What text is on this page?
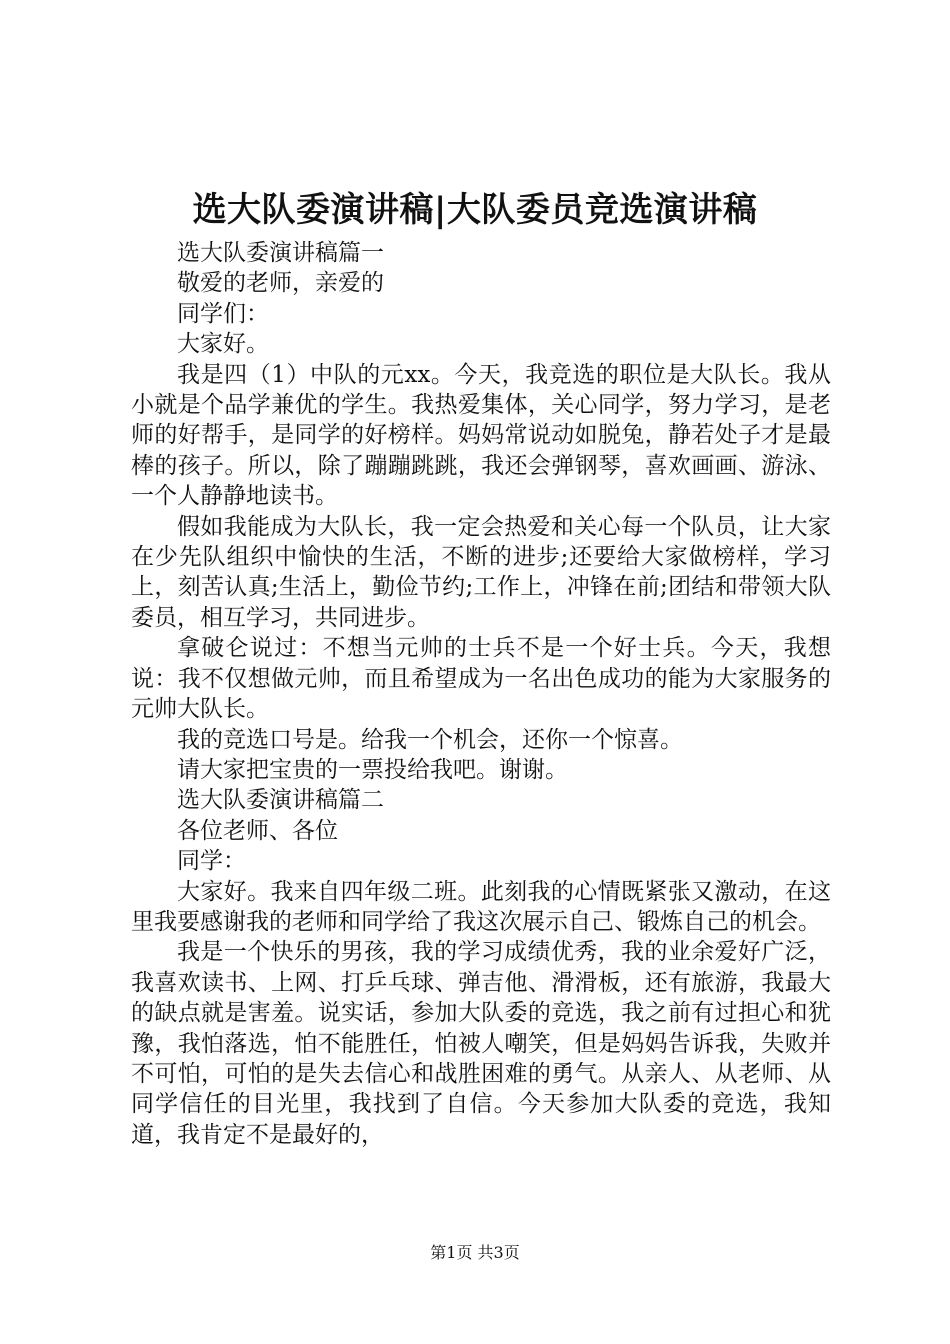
选大队委演讲稿|大队委员竞选演讲稿

选大队委演讲稿篇一

敬爱的老师，亲爱的

同学们：

大家好。

我是四（1）中队的元xx。今天，我竞选的职位是大队长。我从小就是个品学兼优的学生。我热爱集体，关心同学，努力学习，是老师的好帮手，是同学的好榜样。妈妈常说动如脱兔，静若处子才是最棒的孩子。所以，除了蹦蹦跳跳，我还会弹钢琴，喜欢画画、游泳、一个人静静地读书。

假如我能成为大队长，我一定会热爱和关心每一个队员，让大家在少先队组织中愉快的生活，不断的进步;还要给大家做榜样，学习上，刻苦认真;生活上，勤俭节约;工作上，冲锋在前;团结和带领大队委员，相互学习，共同进步。

拿破仑说过：不想当元帅的士兵不是一个好士兵。今天，我想说：我不仅想做元帅，而且希望成为一名出色成功的能为大家服务的元帅大队长。

我的竞选口号是。给我一个机会，还你一个惊喜。

请大家把宝贵的一票投给我吧。谢谢。

选大队委演讲稿篇二

各位老师、各位

同学：

大家好。我来自四年级二班。此刻我的心情既紧张又激动，在这里我要感谢我的老师和同学给了我这次展示自己、锻炼自己的机会。

我是一个快乐的男孩，我的学习成绩优秀，我的业余爱好广泛，我喜欢读书、上网、打乒乓球、弹吉他、滑滑板，还有旅游，我最大的缺点就是害羞。说实话，参加大队委的竞选，我之前有过担心和犹豫，我怕落选，怕不能胜任，怕被人嘲笑，但是妈妈告诉我，失败并不可怕，可怕的是失去信心和战胜困难的勇气。从亲人、从老师、从同学信任的目光里，我找到了自信。今天参加大队委的竞选，我知道，我肯定不是最好的，

第1页 共3页
